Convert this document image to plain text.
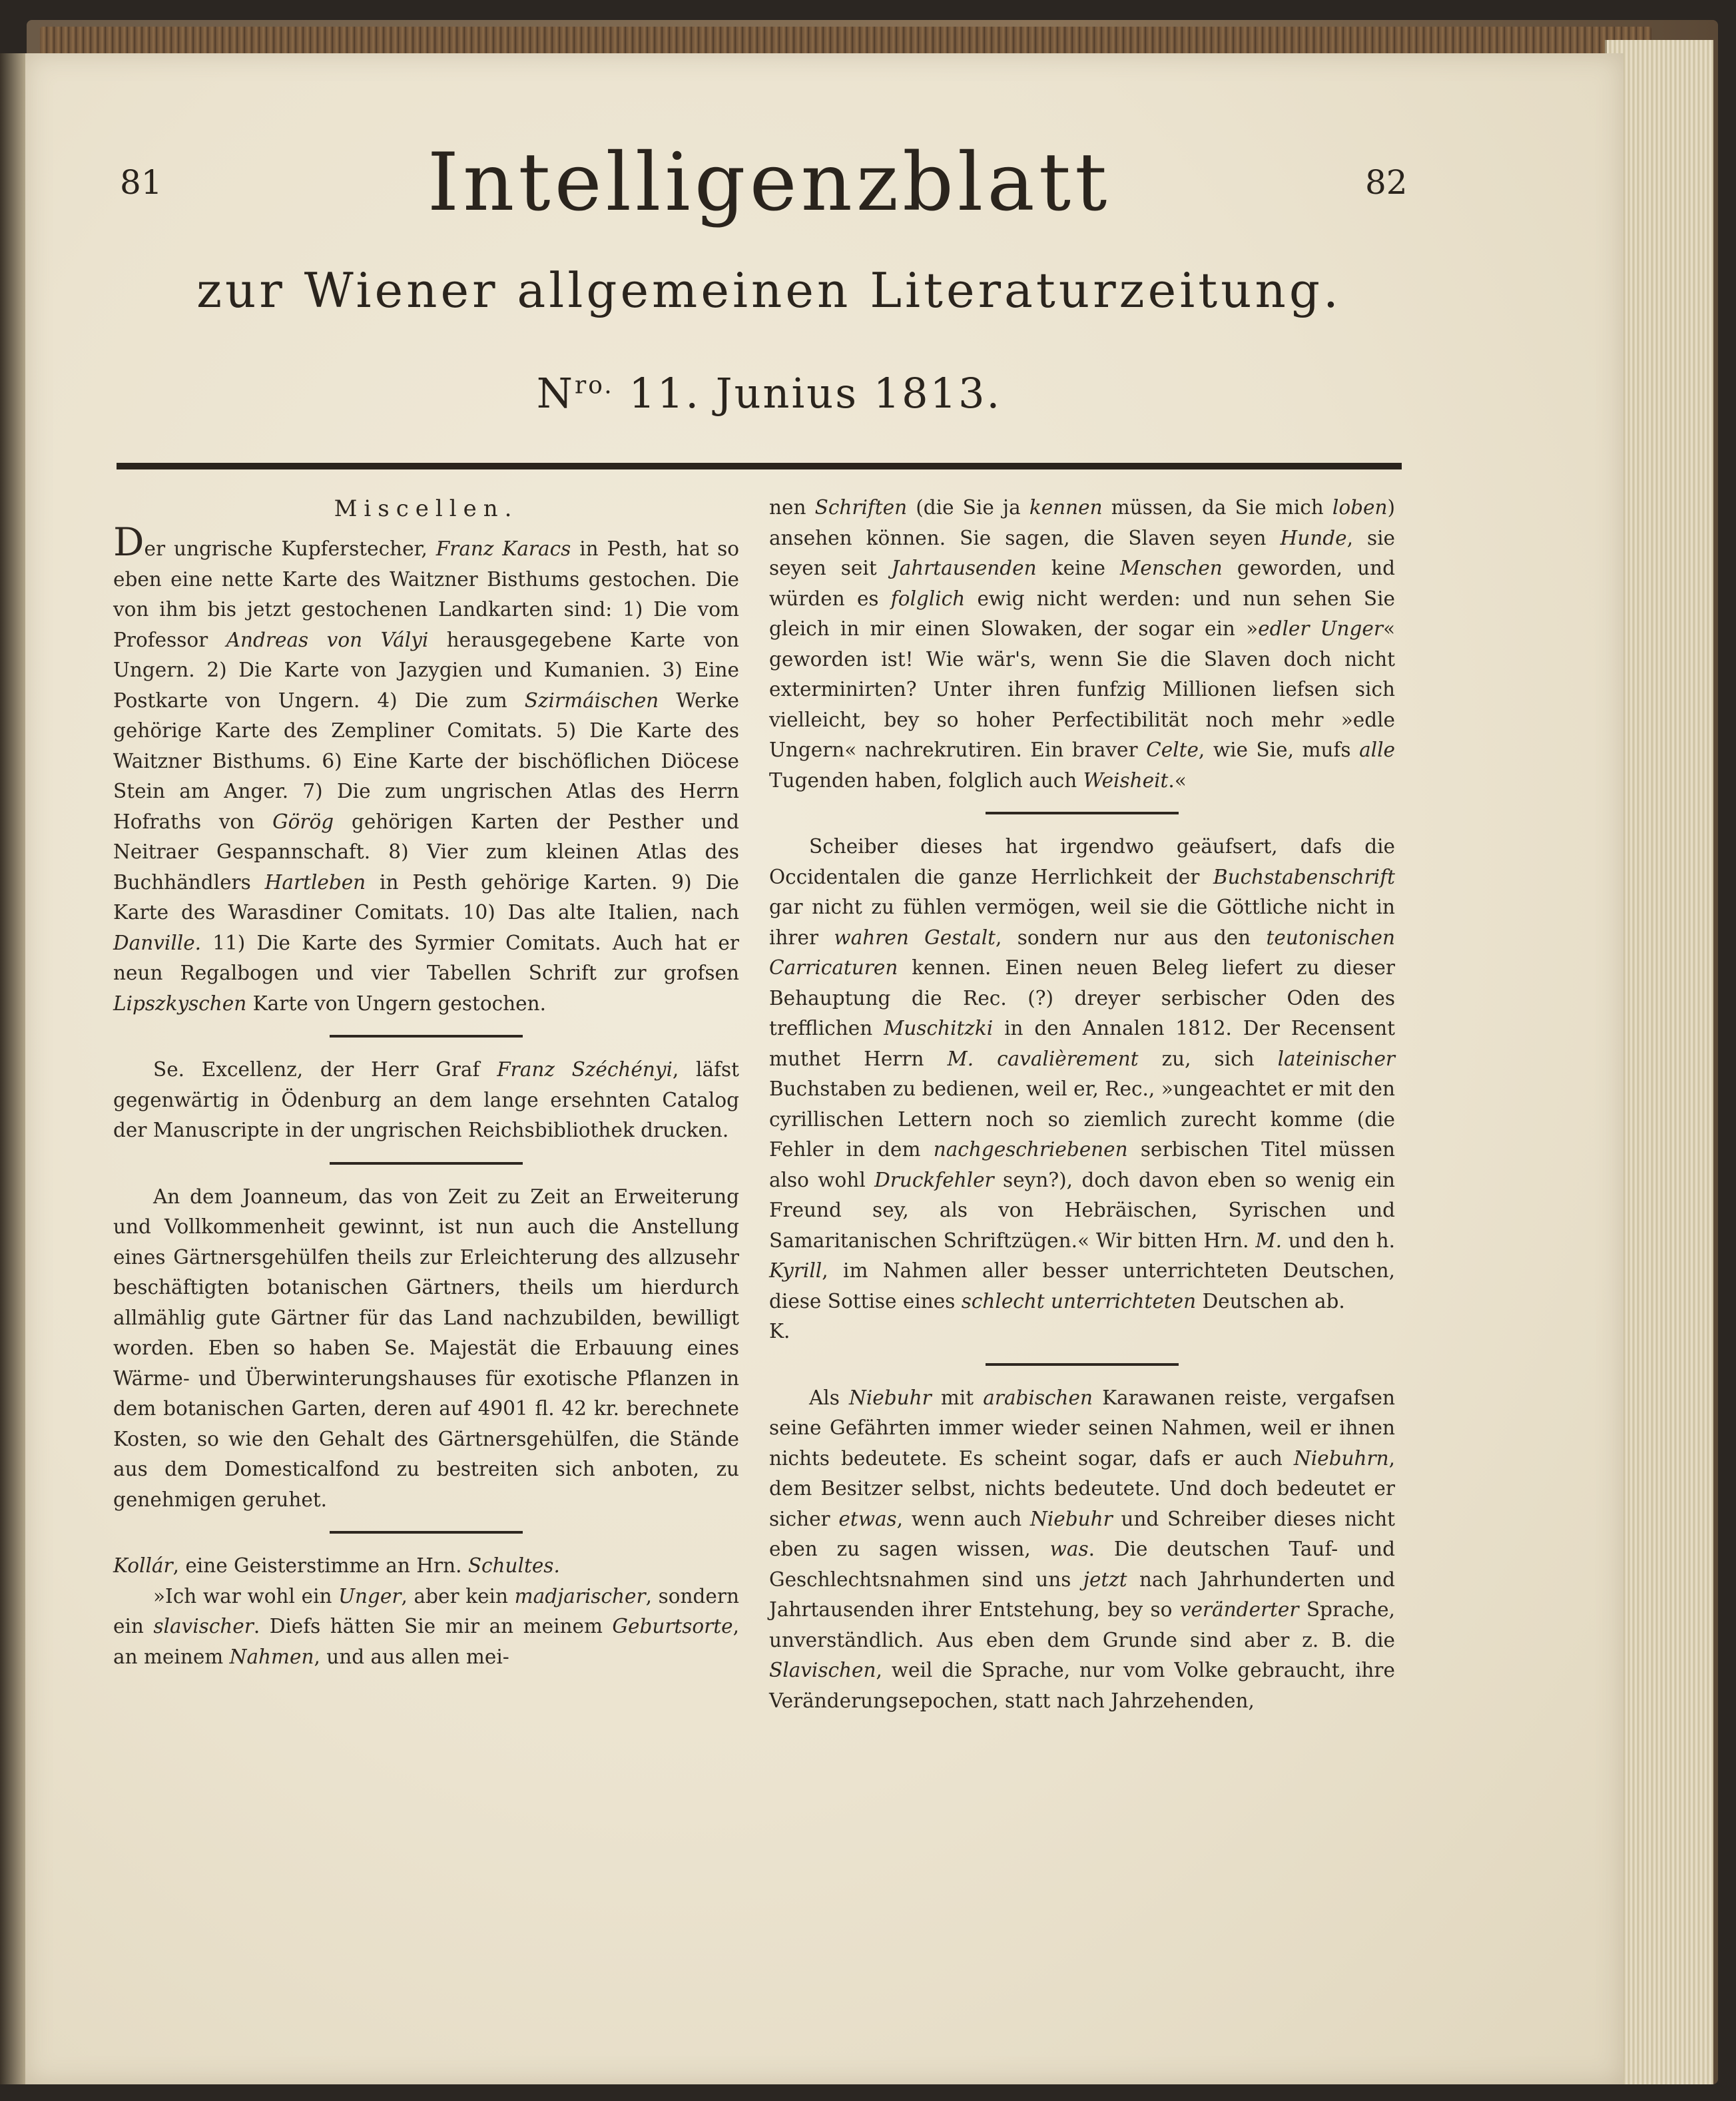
81	82
Intelligenzblatt
zur Wiener allgemeinen Literaturzeitung.
$N^{ro.}$ 11. Junius 1813.
Miscellen.

Der ungrische Kupferstecher, Franz Karacs in Pesth, hat so eben eine nette Karte des Waitzner Bisthums gestochen. Die von ihm bis jetzt gestochenen Landkarten sind: 1) Die vom Professor Andreas von Vályi herausgegebene Karte von Ungern. 2) Die Karte von Jazygien und Kumanien. 3) Eine Postkarte von Ungern. 4) Die zum Szirmáischen Werke gehörige Karte des Zempliner Comitats. 5) Die Karte des Waitzner Bisthums. 6) Eine Karte der bischöflichen Diöcese Stein am Anger. 7) Die zum ungrischen Atlas des Herrn Hofraths von Görög gehörigen Karten der Pesther und Neitraer Gespannschaft. 8) Vier zum kleinen Atlas des Buchhändlers Hartleben in Pesth gehörige Karten. 9) Die Karte des Warasdiner Comitats. 10) Das alte Italien, nach Danville. 11) Die Karte des Syrmier Comitats. Auch hat er neun Regalbogen und vier Tabellen Schrift zur grofsen Lipszkyschen Karte von Ungern gestochen.

Se. Excellenz, der Herr Graf Franz Széchényi, läfst gegenwärtig in Ödenburg an dem lange ersehnten Catalog der Manuscripte in der ungrischen Reichsbibliothek drucken.

An dem Joanneum, das von Zeit zu Zeit an Erweiterung und Vollkommenheit gewinnt, ist nun auch die Anstellung eines Gärtnersgehülfen theils zur Erleichterung des allzusehr beschäftigten botanischen Gärtners, theils um hierdurch allmählig gute Gärtner für das Land nachzubilden, bewilligt worden. Eben so haben Se. Majestät die Erbauung eines Wärme- und Überwinterungshauses für exotische Pflanzen in dem botanischen Garten, deren auf 4901 fl. 42 kr. berechnete Kosten, so wie den Gehalt des Gärtnersgehülfen, die Stände aus dem Domesticalfond zu bestreiten sich anboten, zu genehmigen geruhet.

Kollár, eine Geisterstimme an Hrn. Schultes.

»Ich war wohl ein Unger, aber kein madjarischer, sondern ein slavischer. Diefs hätten Sie mir an meinem Geburtsorte, an meinem Nahmen, und aus allen mei-

nen Schriften (die Sie ja kennen müssen, da Sie mich loben) ansehen können. Sie sagen, die Slaven seyen Hunde, sie seyen seit Jahrtausenden keine Menschen geworden, und würden es folglich ewig nicht werden: und nun sehen Sie gleich in mir einen Slowaken, der sogar ein »edler Unger« geworden ist! Wie wär's, wenn Sie die Slaven doch nicht exterminirten? Unter ihren funfzig Millionen liefsen sich vielleicht, bey so hoher Perfectibilität noch mehr »edle Ungern« nachrekrutiren. Ein braver Celte, wie Sie, mufs alle Tugenden haben, folglich auch Weisheit.«

Scheiber dieses hat irgendwo geäufsert, dafs die Occidentalen die ganze Herrlichkeit der Buchstabenschrift gar nicht zu fühlen vermögen, weil sie die Göttliche nicht in ihrer wahren Gestalt, sondern nur aus den teutonischen Carricaturen kennen. Einen neuen Beleg liefert zu dieser Behauptung die Rec. (?) dreyer serbischer Oden des trefflichen Muschitzki in den Annalen 1812. Der Recensent muthet Herrn M. cavalièrement zu, sich lateinischer Buchstaben zu bedienen, weil er, Rec., »ungeachtet er mit den cyrillischen Lettern noch so ziemlich zurecht komme (die Fehler in dem nachgeschriebenen serbischen Titel müssen also wohl Druckfehler seyn?), doch davon eben so wenig ein Freund sey, als von Hebräischen, Syrischen und Samaritanischen Schriftzügen.« Wir bitten Hrn. M. und den h. Kyrill, im Nahmen aller besser unterrichteten Deutschen, diese Sottise eines schlecht unterrichteten Deutschen ab.

K.

Als Niebuhr mit arabischen Karawanen reiste, vergafsen seine Gefährten immer wieder seinen Nahmen, weil er ihnen nichts bedeutete. Es scheint sogar, dafs er auch Niebuhrn, dem Besitzer selbst, nichts bedeutete. Und doch bedeutet er sicher etwas, wenn auch Niebuhr und Schreiber dieses nicht eben zu sagen wissen, was. Die deutschen Tauf- und Geschlechtsnahmen sind uns jetzt nach Jahrhunderten und Jahrtausenden ihrer Entstehung, bey so veränderter Sprache, unverständlich. Aus eben dem Grunde sind aber z. B. die Slavischen, weil die Sprache, nur vom Volke gebraucht, ihre Veränderungsepochen, statt nach Jahrzehenden,
